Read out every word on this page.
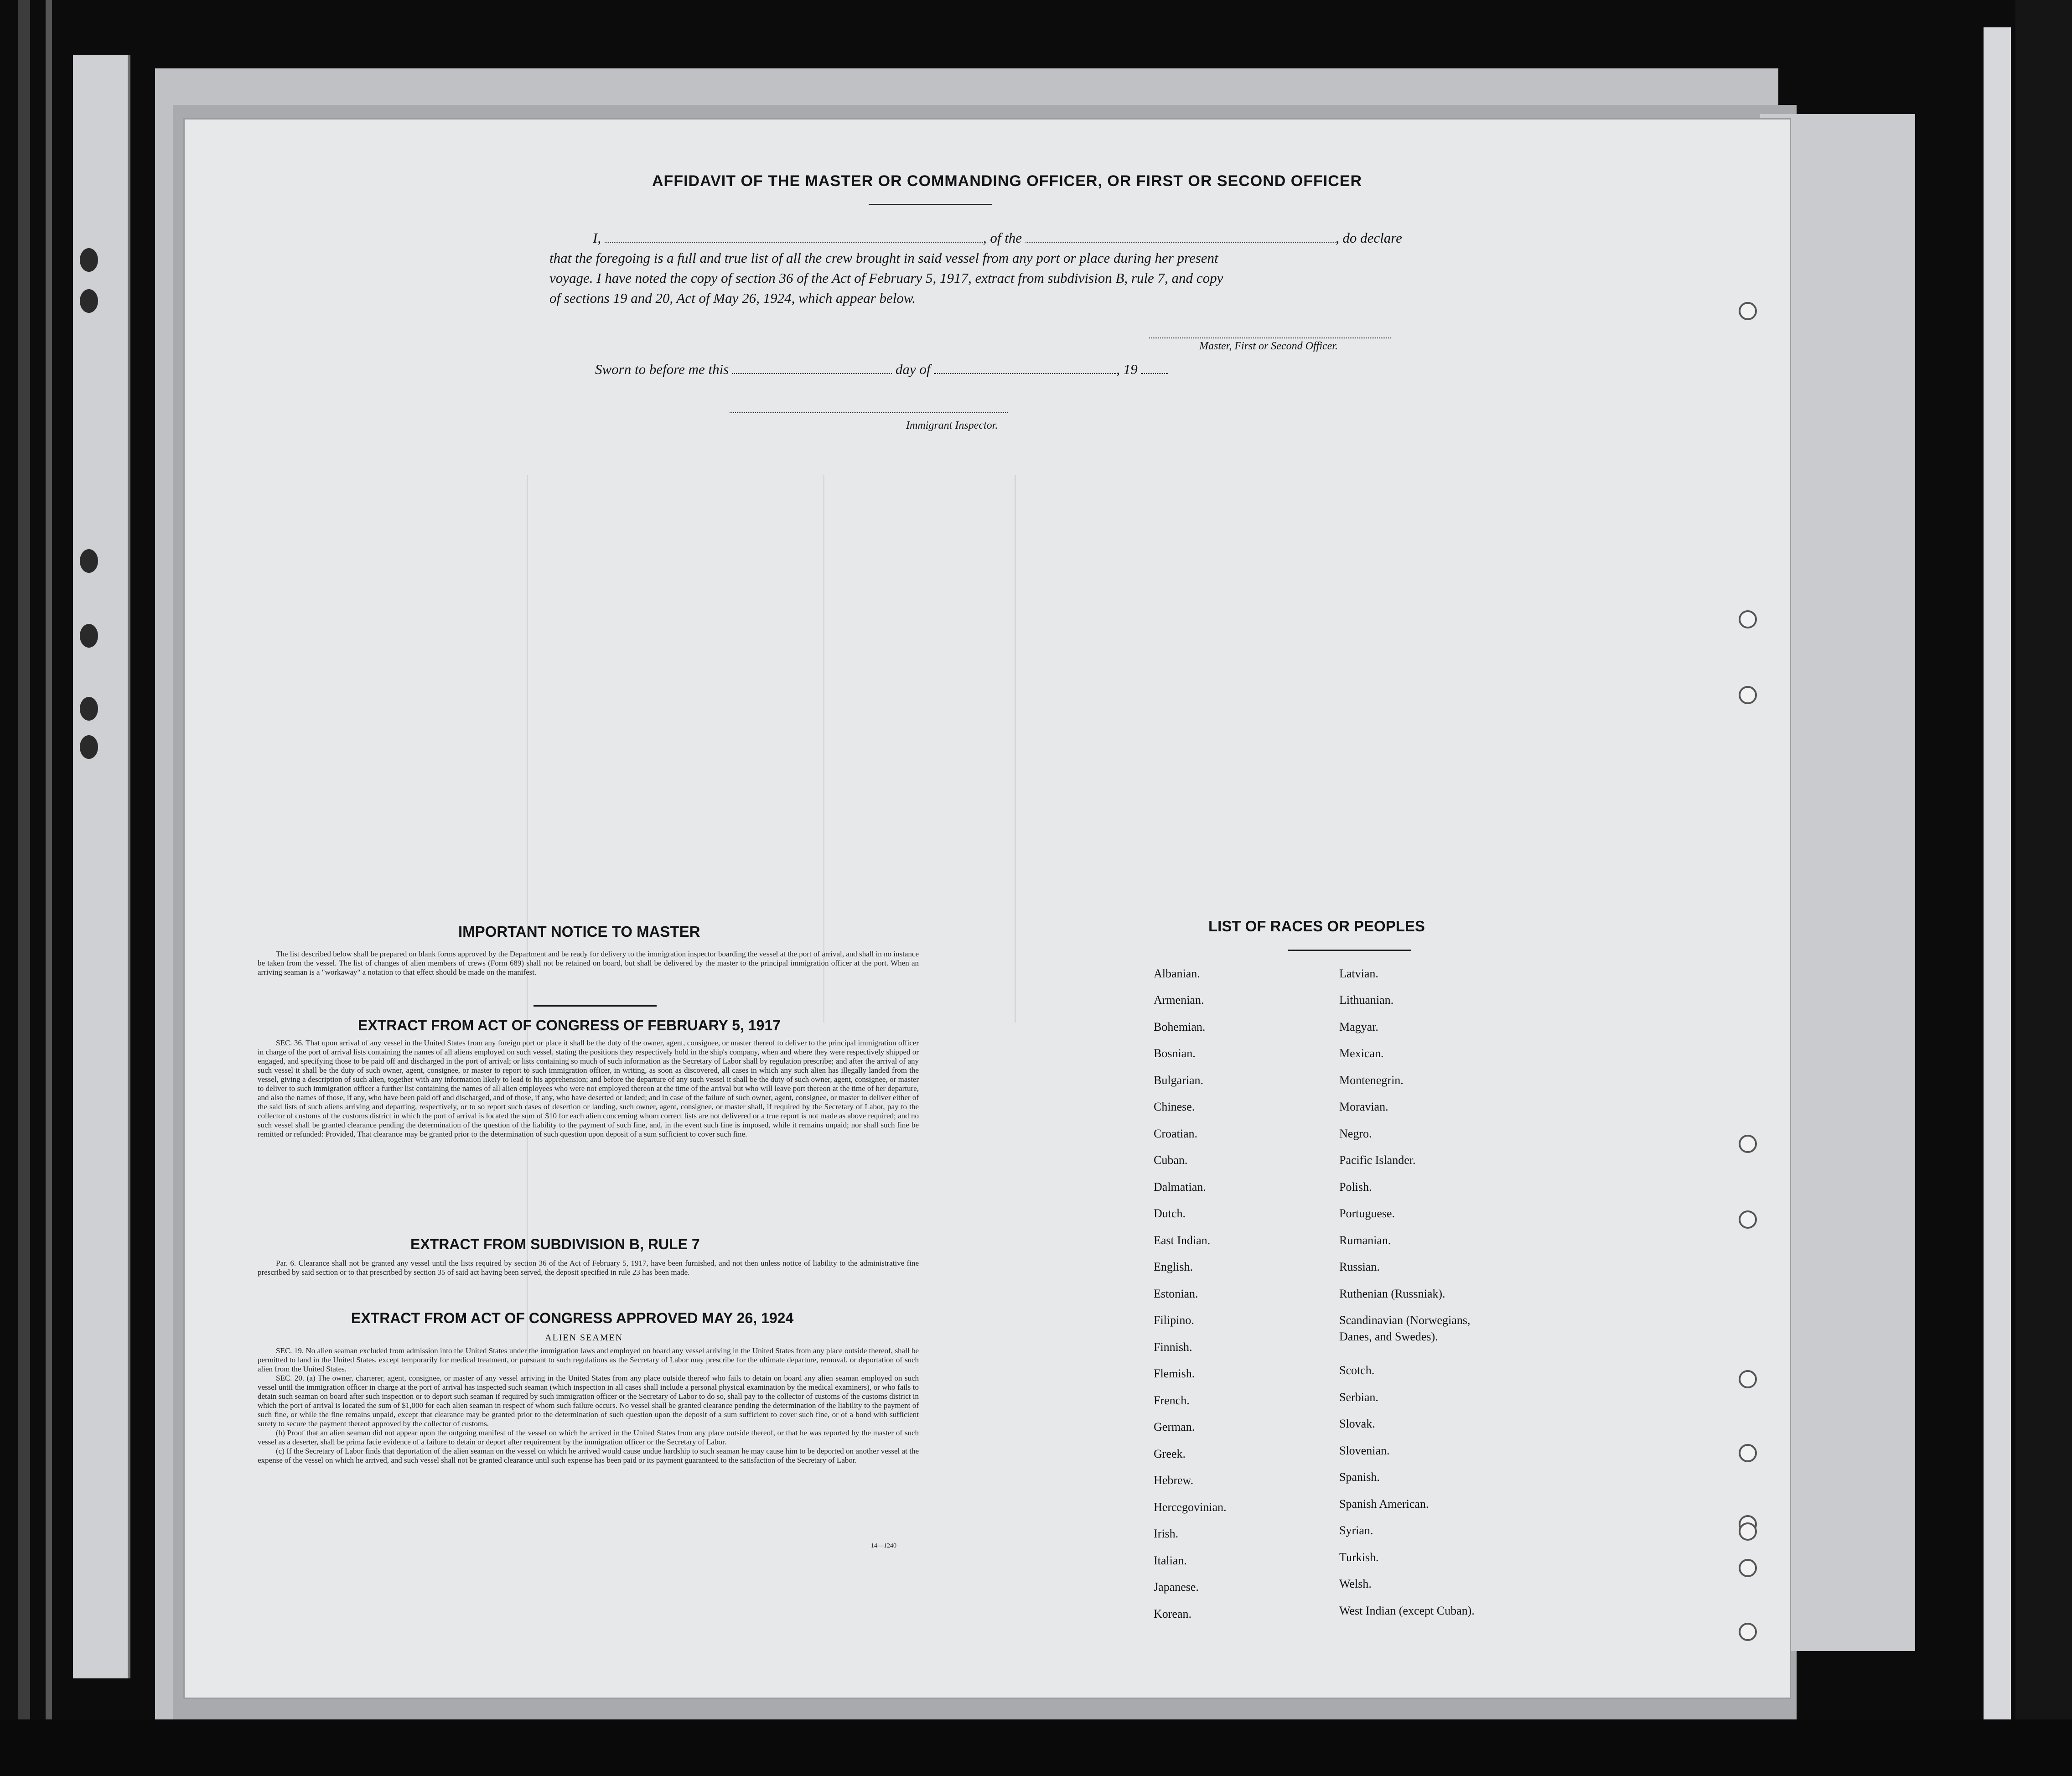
AFFIDAVIT OF THE MASTER OR COMMANDING OFFICER, OR FIRST OR SECOND OFFICER
I,	, of the	, do declare
that the foregoing is a full and true list of all the crew brought in said vessel from any port or place during her present
voyage. I have noted the copy of section 36 of the Act of February 5, 1917, extract from subdivision B, rule 7, and copy
of sections 19 and 20, Act of May 26, 1924, which appear below.
Master, First or Second Officer.
Sworn to before me this	day of	, 19
Immigrant Inspector.
IMPORTANT NOTICE TO MASTER

The list described below shall be prepared on blank forms approved by the Department and be ready for delivery to the immigration inspector boarding the vessel at the port of arrival, and shall in no instance be taken from the vessel. The list of changes of alien members of crews (Form 689) shall not be retained on board, but shall be delivered by the master to the principal immigration officer at the port. When an arriving seaman is a "workaway" a notation to that effect should be made on the manifest.

EXTRACT FROM ACT OF CONGRESS OF FEBRUARY 5, 1917

SEC. 36. That upon arrival of any vessel in the United States from any foreign port or place it shall be the duty of the owner, agent, consignee, or master thereof to deliver to the principal immigration officer in charge of the port of arrival lists containing the names of all aliens employed on such vessel, stating the positions they respectively hold in the ship's company, when and where they were respectively shipped or engaged, and specifying those to be paid off and discharged in the port of arrival; or lists containing so much of such information as the Secretary of Labor shall by regulation prescribe; and after the arrival of any such vessel it shall be the duty of such owner, agent, consignee, or master to report to such immigration officer, in writing, as soon as discovered, all cases in which any such alien has illegally landed from the vessel, giving a description of such alien, together with any information likely to lead to his apprehension; and before the departure of any such vessel it shall be the duty of such owner, agent, consignee, or master to deliver to such immigration officer a further list containing the names of all alien employees who were not employed thereon at the time of the arrival but who will leave port thereon at the time of her departure, and also the names of those, if any, who have been paid off and discharged, and of those, if any, who have deserted or landed; and in case of the failure of such owner, agent, consignee, or master to deliver either of the said lists of such aliens arriving and departing, respectively, or to so report such cases of desertion or landing, such owner, agent, consignee, or master shall, if required by the Secretary of Labor, pay to the collector of customs of the customs district in which the port of arrival is located the sum of $10 for each alien concerning whom correct lists are not delivered or a true report is not made as above required; and no such vessel shall be granted clearance pending the determination of the question of the liability to the payment of such fine, and, in the event such fine is imposed, while it remains unpaid; nor shall such fine be remitted or refunded: Provided, That clearance may be granted prior to the determination of such question upon deposit of a sum sufficient to cover such fine.

EXTRACT FROM SUBDIVISION B, RULE 7

Par. 6. Clearance shall not be granted any vessel until the lists required by section 36 of the Act of February 5, 1917, have been furnished, and not then unless notice of liability to the administrative fine prescribed by said section or to that prescribed by section 35 of said act having been served, the deposit specified in rule 23 has been made.

EXTRACT FROM ACT OF CONGRESS APPROVED MAY 26, 1924
ALIEN SEAMEN

SEC. 19. No alien seaman excluded from admission into the United States under the immigration laws and employed on board any vessel arriving in the United States from any place outside thereof, shall be permitted to land in the United States, except temporarily for medical treatment, or pursuant to such regulations as the Secretary of Labor may prescribe for the ultimate departure, removal, or deportation of such alien from the United States.

SEC. 20. (a) The owner, charterer, agent, consignee, or master of any vessel arriving in the United States from any place outside thereof who fails to detain on board any alien seaman employed on such vessel until the immigration officer in charge at the port of arrival has inspected such seaman (which inspection in all cases shall include a personal physical examination by the medical examiners), or who fails to detain such seaman on board after such inspection or to deport such seaman if required by such immigration officer or the Secretary of Labor to do so, shall pay to the collector of customs of the customs district in which the port of arrival is located the sum of $1,000 for each alien seaman in respect of whom such failure occurs. No vessel shall be granted clearance pending the determination of the liability to the payment of such fine, or while the fine remains unpaid, except that clearance may be granted prior to the determination of such question upon the deposit of a sum sufficient to cover such fine, or of a bond with sufficient surety to secure the payment thereof approved by the collector of customs.

(b) Proof that an alien seaman did not appear upon the outgoing manifest of the vessel on which he arrived in the United States from any place outside thereof, or that he was reported by the master of such vessel as a deserter, shall be prima facie evidence of a failure to detain or deport after requirement by the immigration officer or the Secretary of Labor.

(c) If the Secretary of Labor finds that deportation of the alien seaman on the vessel on which he arrived would cause undue hardship to such seaman he may cause him to be deported on another vessel at the expense of the vessel on which he arrived, and such vessel shall not be granted clearance until such expense has been paid or its payment guaranteed to the satisfaction of the Secretary of Labor.

14—1240
LIST OF RACES OR PEOPLES
Albanian.
Armenian.
Bohemian.
Bosnian.
Bulgarian.
Chinese.
Croatian.
Cuban.
Dalmatian.
Dutch.
East Indian.
English.
Estonian.
Filipino.
Finnish.
Flemish.
French.
German.
Greek.
Hebrew.
Hercegovinian.
Irish.
Italian.
Japanese.
Korean.
Latvian.
Lithuanian.
Magyar.
Mexican.
Montenegrin.
Moravian.
Negro.
Pacific Islander.
Polish.
Portuguese.
Rumanian.
Russian.
Ruthenian (Russniak).
Scandinavian (Norwegians,
Danes, and Swedes).
Scotch.
Serbian.
Slovak.
Slovenian.
Spanish.
Spanish American.
Syrian.
Turkish.
Welsh.
West Indian (except Cuban).
